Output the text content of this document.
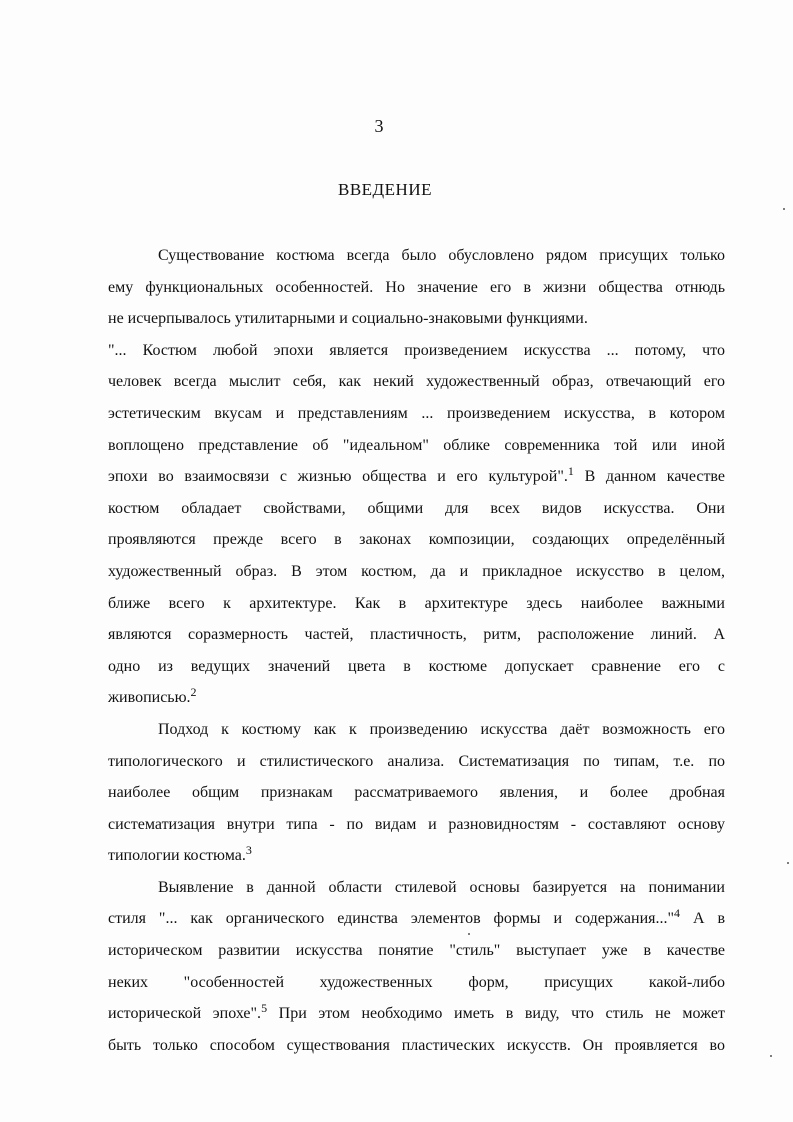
3
ВВЕДЕНИЕ
Существование костюма всегда было обусловлено рядом присущих только
ему функциональных особенностей. Но значение его в жизни общества отнюдь
не исчерпывалось утилитарными и социально-знаковыми функциями.
"... Костюм любой эпохи является произведением искусства ... потому, что
человек всегда мыслит себя, как некий художественный образ, отвечающий его
эстетическим вкусам и представлениям ... произведением искусства, в котором
воплощено представление об "идеальном" облике современника той или иной
эпохи во взаимосвязи с жизнью общества и его культурой".$^1$ В данном качестве
костюм обладает свойствами, общими для всех видов искусства. Они
проявляются прежде всего в законах композиции, создающих определённый
художественный образ. В этом костюм, да и прикладное искусство в целом,
ближе всего к архитектуре. Как в архитектуре здесь наиболее важными
являются соразмерность частей, пластичность, ритм, расположение линий. А
одно из ведущих значений цвета в костюме допускает сравнение его с
живописью.$^2$
Подход к костюму как к произведению искусства даёт возможность его
типологического и стилистического анализа. Систематизация по типам, т.е. по
наиболее общим признакам рассматриваемого явления, и более дробная
систематизация внутри типа - по видам и разновидностям - составляют основу
типологии костюма.$^3$
Выявление в данной области стилевой основы базируется на понимании
стиля "... как органического единства элементов формы и содержания..."$^4$ А в
историческом развитии искусства понятие "стиль" выступает уже в качестве
неких "особенностей художественных форм, присущих какой-либо
исторической эпохе".$^5$ При этом необходимо иметь в виду, что стиль не может
быть только способом существования пластических искусств. Он проявляется во
